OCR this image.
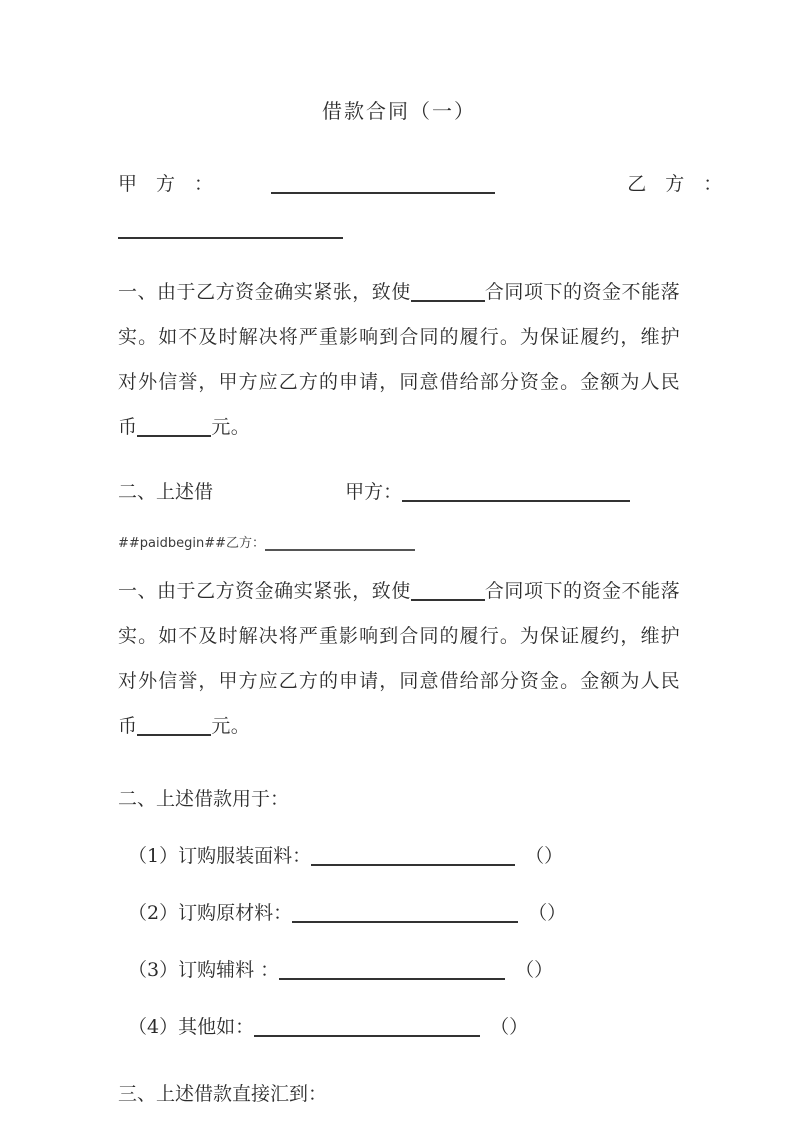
借款合同（一）

甲　方　：	乙　方　：

一、由于乙方资金确实紧张，致使	合同项下的资金不能落实。如不及时解决将严重影响到合同的履行。为保证履约，维护对外信誉，甲方应乙方的申请，同意借给部分资金。金额为人民币	元。

二、上述借	甲方：

##paidbegin##乙方：

一、由于乙方资金确实紧张，致使	合同项下的资金不能落实。如不及时解决将严重影响到合同的履行。为保证履约，维护对外信誉，甲方应乙方的申请，同意借给部分资金。金额为人民币	元。

二、上述借款用于：

（1）订购服装面料：	（）

（2）订购原材料：	（）

（3）订购辅料 ：	（）

（4）其他如：	（）

三、上述借款直接汇到：
